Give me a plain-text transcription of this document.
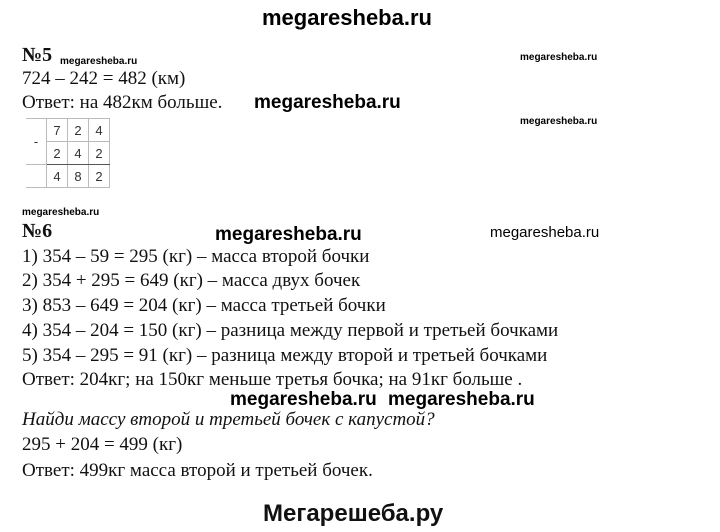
megaresheba.ru
№5 megaresheba.ru	megaresheba.ru
724 – 242 = 482 (км)
Ответ: на 482км больше. megaresheba.ru
megaresheba.ru
-	7	2	4
	2	4	2
	4	8	2
megaresheba.ru
№6	megaresheba.ru	megaresheba.ru
1) 354 – 59 = 295 (кг) – масса второй бочки
2) 354 + 295 = 649 (кг) – масса двух бочек
3) 853 – 649 = 204 (кг) – масса третьей бочки
4) 354 – 204 = 150 (кг) – разница между первой и третьей бочками
5) 354 – 295 = 91 (кг) – разница между второй и третьей бочками
Ответ: 204кг; на 150кг меньше третья бочка; на 91кг больше .
megaresheba.ru megaresheba.ru
Найди массу второй и третьей бочек с капустой?
295 + 204 = 499 (кг)
Ответ: 499кг масса второй и третьей бочек.
Мегарешеба.ру
